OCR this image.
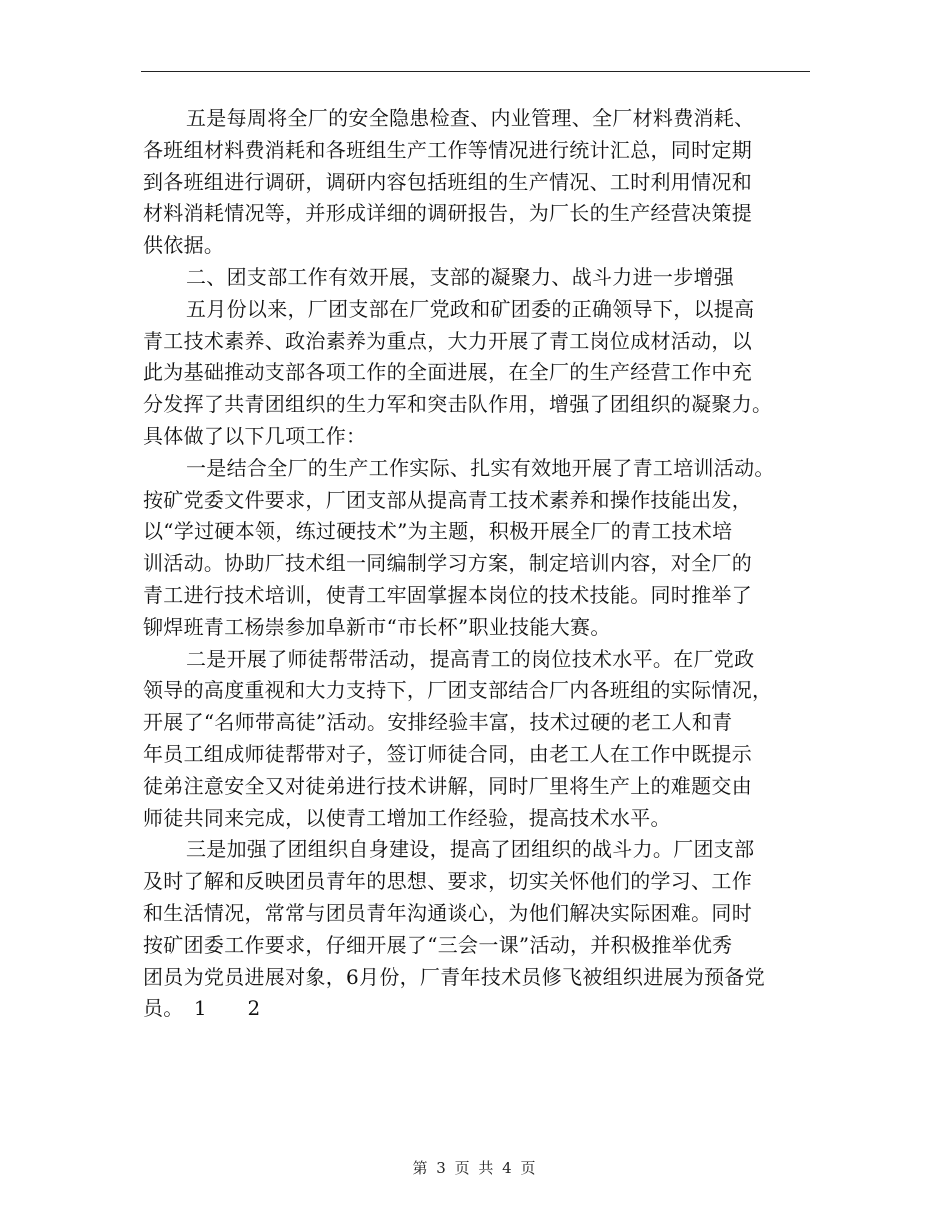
五是每周将全厂的安全隐患检查、内业管理、全厂材料费消耗、
各班组材料费消耗和各班组生产工作等情况进行统计汇总，同时定期
到各班组进行调研，调研内容包括班组的生产情况、工时利用情况和
材料消耗情况等，并形成详细的调研报告，为厂长的生产经营决策提
供依据。

二、团支部工作有效开展，支部的凝聚力、战斗力进一步增强

五月份以来，厂团支部在厂党政和矿团委的正确领导下，以提高
青工技术素养、政治素养为重点，大力开展了青工岗位成材活动，以
此为基础推动支部各项工作的全面进展，在全厂的生产经营工作中充
分发挥了共青团组织的生力军和突击队作用，增强了团组织的凝聚力。
具体做了以下几项工作：

一是结合全厂的生产工作实际、扎实有效地开展了青工培训活动。
按矿党委文件要求，厂团支部从提高青工技术素养和操作技能出发，
以“学过硬本领，练过硬技术”为主题，积极开展全厂的青工技术培
训活动。协助厂技术组一同编制学习方案，制定培训内容，对全厂的
青工进行技术培训，使青工牢固掌握本岗位的技术技能。同时推举了
铆焊班青工杨崇参加阜新市“市长杯”职业技能大赛。

二是开展了师徒帮带活动，提高青工的岗位技术水平。在厂党政
领导的高度重视和大力支持下，厂团支部结合厂内各班组的实际情况，
开展了“名师带高徒”活动。安排经验丰富，技术过硬的老工人和青
年员工组成师徒帮带对子，签订师徒合同，由老工人在工作中既提示
徒弟注意安全又对徒弟进行技术讲解，同时厂里将生产上的难题交由
师徒共同来完成，以使青工增加工作经验，提高技术水平。

三是加强了团组织自身建设，提高了团组织的战斗力。厂团支部
及时了解和反映团员青年的思想、要求，切实关怀他们的学习、工作
和生活情况，常常与团员青年沟通谈心，为他们解决实际困难。同时
按矿团委工作要求，仔细开展了“三会一课”活动，并积极推举优秀
团员为党员进展对象，6月份，厂青年技术员修飞被组织进展为预备党
员。　1　　2

第 3 页 共 4 页
